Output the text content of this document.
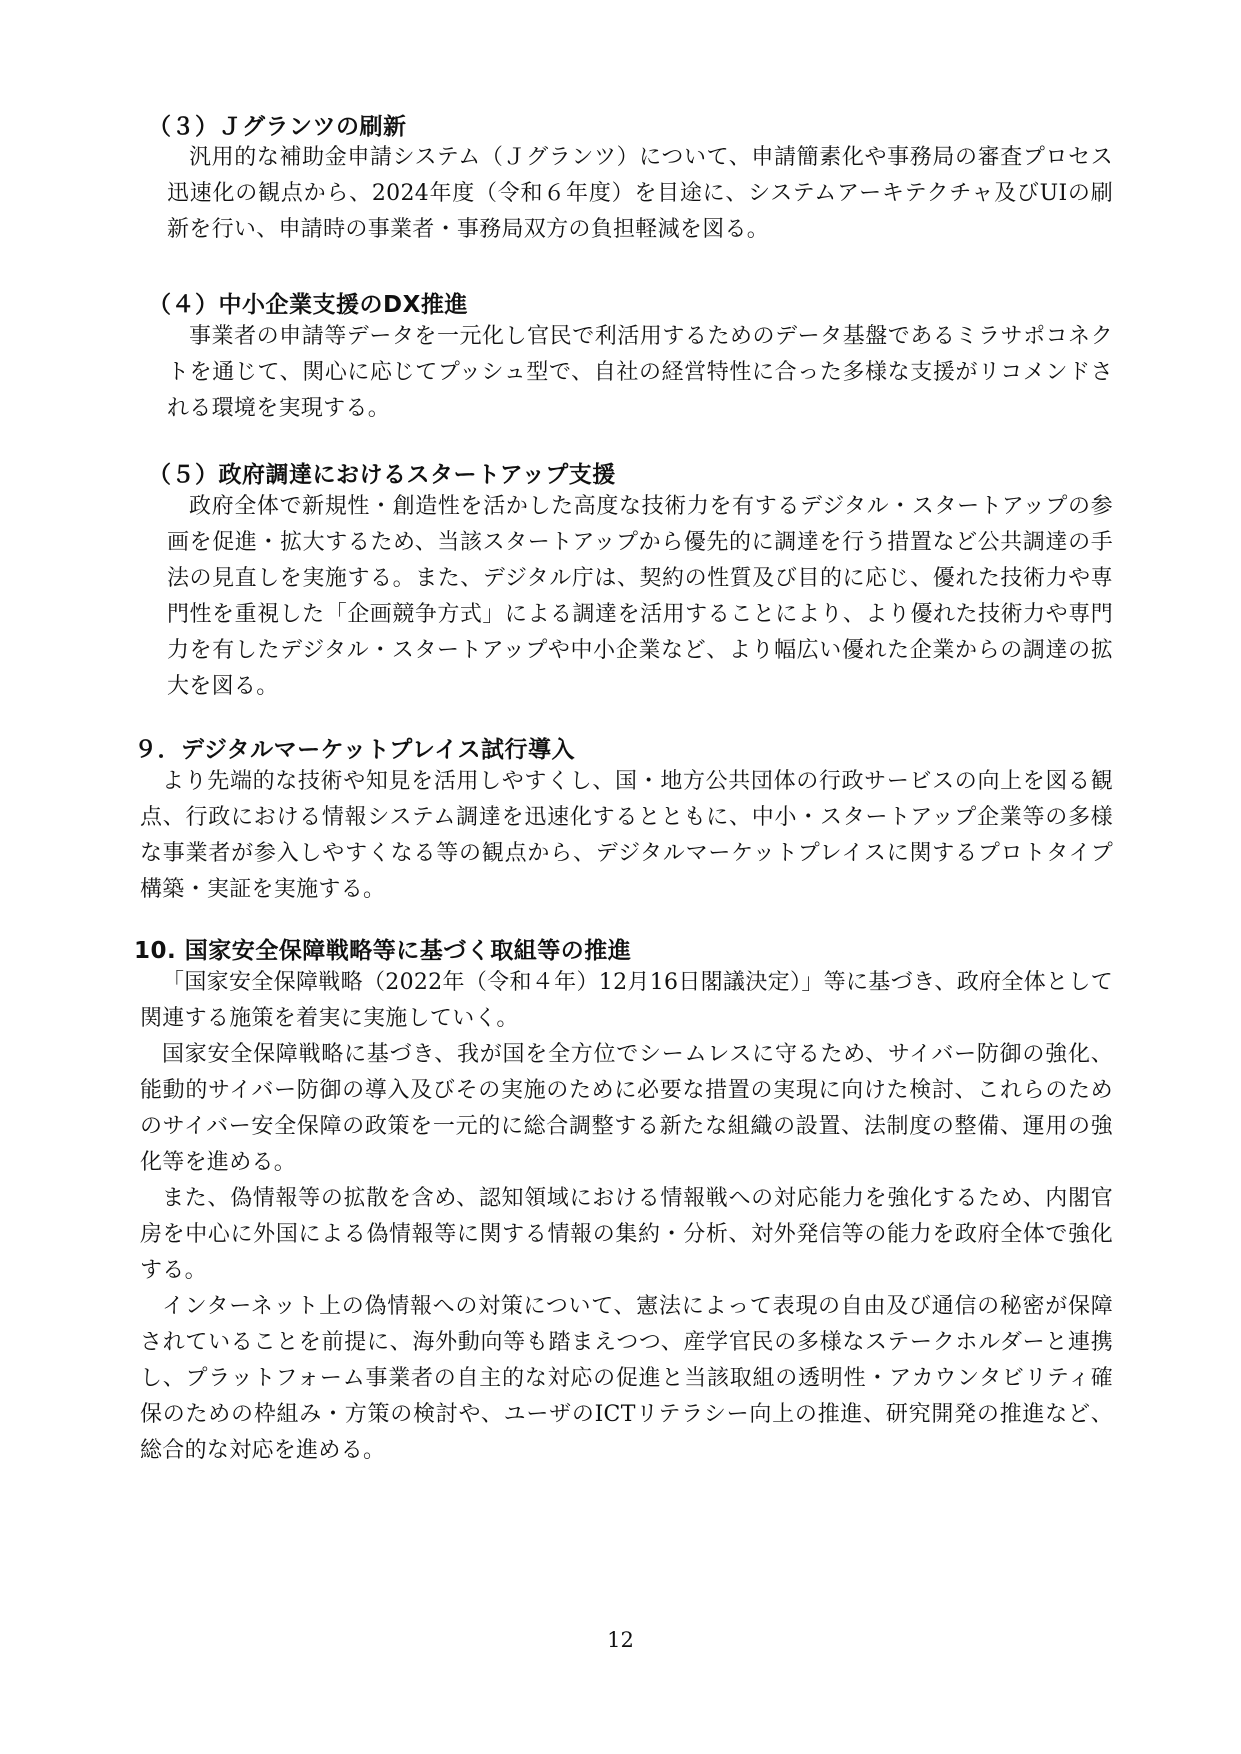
（３）Ｊグランツの刷新
汎用的な補助金申請システム（Ｊグランツ）について、申請簡素化や事務局の審査プロセス迅速化の観点から、2024年度（令和６年度）を目途に、システムアーキテクチャ及びUIの刷新を行い、申請時の事業者・事務局双方の負担軽減を図る。
（４）中小企業支援のDX推進
事業者の申請等データを一元化し官民で利活用するためのデータ基盤であるミラサポコネクトを通じて、関心に応じてプッシュ型で、自社の経営特性に合った多様な支援がリコメンドされる環境を実現する。
（５）政府調達におけるスタートアップ支援
政府全体で新規性・創造性を活かした高度な技術力を有するデジタル・スタートアップの参画を促進・拡大するため、当該スタートアップから優先的に調達を行う措置など公共調達の手法の見直しを実施する。また、デジタル庁は、契約の性質及び目的に応じ、優れた技術力や専門性を重視した「企画競争方式」による調達を活用することにより、より優れた技術力や専門力を有したデジタル・スタートアップや中小企業など、より幅広い優れた企業からの調達の拡大を図る。
９．デジタルマーケットプレイス試行導入
より先端的な技術や知見を活用しやすくし、国・地方公共団体の行政サービスの向上を図る観点、行政における情報システム調達を迅速化するとともに、中小・スタートアップ企業等の多様な事業者が参入しやすくなる等の観点から、デジタルマーケットプレイスに関するプロトタイプ構築・実証を実施する。
10. 国家安全保障戦略等に基づく取組等の推進
「国家安全保障戦略（2022年（令和４年）12月16日閣議決定）」等に基づき、政府全体として関連する施策を着実に実施していく。
国家安全保障戦略に基づき、我が国を全方位でシームレスに守るため、サイバー防御の強化、能動的サイバー防御の導入及びその実施のために必要な措置の実現に向けた検討、これらのためのサイバー安全保障の政策を一元的に総合調整する新たな組織の設置、法制度の整備、運用の強化等を進める。
また、偽情報等の拡散を含め、認知領域における情報戦への対応能力を強化するため、内閣官房を中心に外国による偽情報等に関する情報の集約・分析、対外発信等の能力を政府全体で強化する。
インターネット上の偽情報への対策について、憲法によって表現の自由及び通信の秘密が保障されていることを前提に、海外動向等も踏まえつつ、産学官民の多様なステークホルダーと連携し、プラットフォーム事業者の自主的な対応の促進と当該取組の透明性・アカウンタビリティ確保のための枠組み・方策の検討や、ユーザのICTリテラシー向上の推進、研究開発の推進など、総合的な対応を進める。
12
